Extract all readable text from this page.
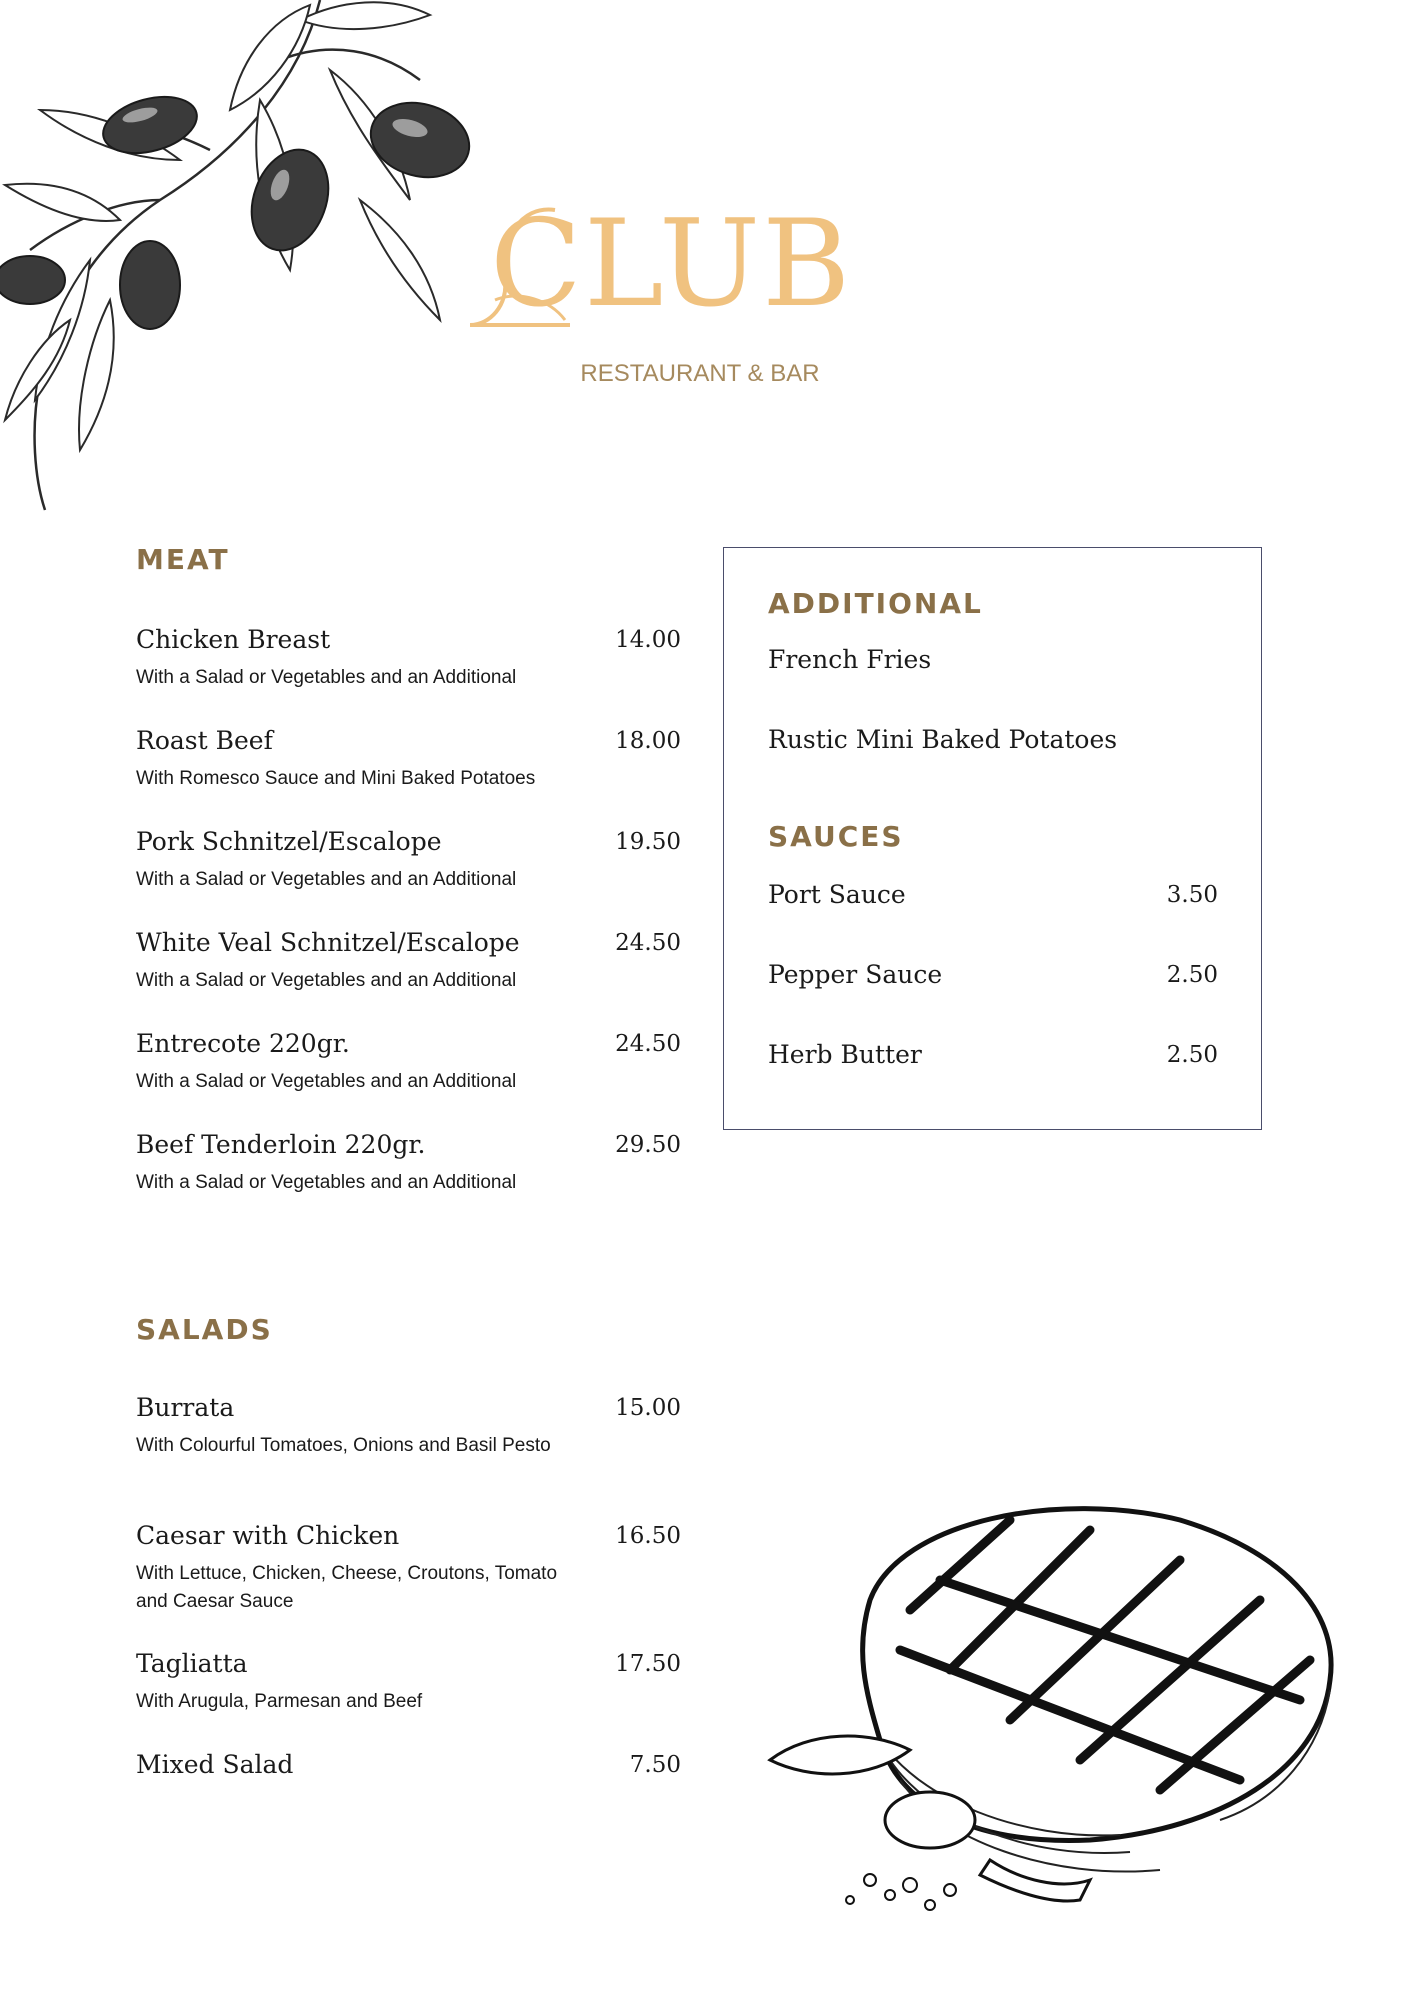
CLUB
RESTAURANT & BAR
MEAT
Chicken Breast	14.00
With a Salad or Vegetables and an Additional
Roast Beef	18.00
With Romesco Sauce and Mini Baked Potatoes
Pork Schnitzel/Escalope	19.50
With a Salad or Vegetables and an Additional
White Veal Schnitzel/Escalope	24.50
With a Salad or Vegetables and an Additional
Entrecote 220gr.	24.50
With a Salad or Vegetables and an Additional
Beef Tenderloin 220gr.	29.50
With a Salad or Vegetables and an Additional
SALADS
Burrata	15.00
With Colourful Tomatoes, Onions and Basil Pesto
Caesar with Chicken	16.50
With Lettuce, Chicken, Cheese, Croutons, Tomato and Caesar Sauce
Tagliatta	17.50
With Arugula, Parmesan and Beef
Mixed Salad	7.50
ADDITIONAL
French Fries
Rustic Mini Baked Potatoes
SAUCES
Port Sauce	3.50
Pepper Sauce	2.50
Herb Butter	2.50
